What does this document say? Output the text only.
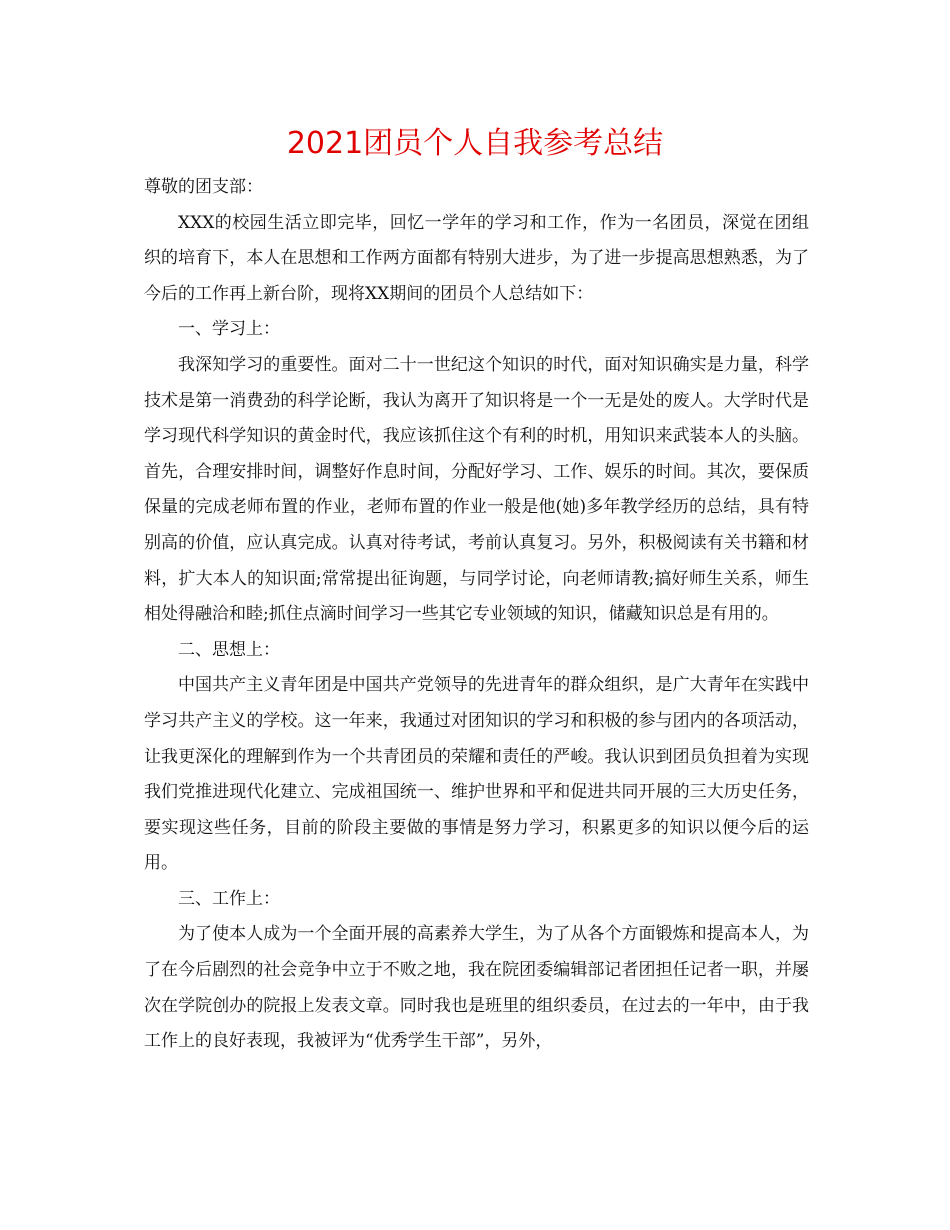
2021团员个人自我参考总结

尊敬的团支部：

XXX的校园生活立即完毕，回忆一学年的学习和工作，作为一名团员，深觉在团组织的培育下，本人在思想和工作两方面都有特别大进步，为了进一步提高思想熟悉，为了今后的工作再上新台阶，现将XX期间的团员个人总结如下：

一、学习上：

我深知学习的重要性。面对二十一世纪这个知识的时代，面对知识确实是力量，科学技术是第一消费劲的科学论断，我认为离开了知识将是一个一无是处的废人。大学时代是学习现代科学知识的黄金时代，我应该抓住这个有利的时机，用知识来武装本人的头脑。首先，合理安排时间，调整好作息时间，分配好学习、工作、娱乐的时间。其次，要保质保量的完成老师布置的作业，老师布置的作业一般是他(她)多年教学经历的总结，具有特别高的价值，应认真完成。认真对待考试，考前认真复习。另外，积极阅读有关书籍和材料，扩大本人的知识面;常常提出征询题，与同学讨论，向老师请教;搞好师生关系，师生相处得融洽和睦;抓住点滴时间学习一些其它专业领域的知识，储藏知识总是有用的。

二、思想上：

中国共产主义青年团是中国共产党领导的先进青年的群众组织，是广大青年在实践中学习共产主义的学校。这一年来，我通过对团知识的学习和积极的参与团内的各项活动，让我更深化的理解到作为一个共青团员的荣耀和责任的严峻。我认识到团员负担着为实现我们党推进现代化建立、完成祖国统一、维护世界和平和促进共同开展的三大历史任务，要实现这些任务，目前的阶段主要做的事情是努力学习，积累更多的知识以便今后的运用。

三、工作上：

为了使本人成为一个全面开展的高素养大学生，为了从各个方面锻炼和提高本人，为了在今后剧烈的社会竞争中立于不败之地，我在院团委编辑部记者团担任记者一职，并屡次在学院创办的院报上发表文章。同时我也是班里的组织委员，在过去的一年中，由于我工作上的良好表现，我被评为“优秀学生干部”，另外，
